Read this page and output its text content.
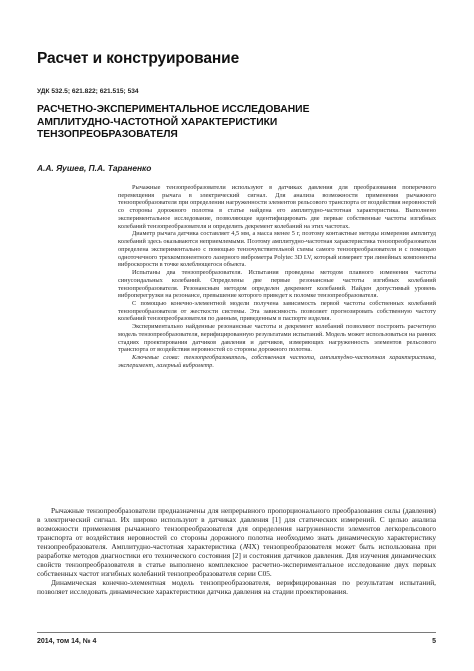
Расчет и конструирование
УДК 532.5; 621.822; 621.515; 534
РАСЧЕТНО-ЭКСПЕРИМЕНТАЛЬНОЕ ИССЛЕДОВАНИЕ
АМПЛИТУДНО-ЧАСТОТНОЙ ХАРАКТЕРИСТИКИ
ТЕНЗОПРЕОБРАЗОВАТЕЛЯ
А.А. Яушев, П.А. Тараненко

Рычажные тензопреобразователи используют в датчиках давления для преобразования поперечного перемещения рычага в электрический сигнал. Для анализа возможности применения рычажного тензопреобразователя при определении нагруженности элементов рельсового транспорта от воздействия неровностей со стороны дорожного полотна в статье найдена его амплитудно-частотная характеристика. Выполнено экспериментальное исследование, позволяющее идентифицировать две первые собственные частоты изгибных колебаний тензопреобразователя и определить декремент колебаний на этих частотах.

Диаметр рычага датчика составляет 4,5 мм, а масса менее 5 г, поэтому контактные методы измерения амплитуд колебаний здесь оказываются неприемлемыми. Поэтому амплитудно-частотная характеристика тензопреобразователя определена экспериментально с помощью тензочувствительной схемы самого тензопреобразователя и с помощью одноточечного трехкомпонентного лазерного виброметра Polytec 3D LV, который измеряет три линейных компоненты виброскорости в точке колеблющегося объекта.

Испытаны два тензопреобразователя. Испытания проведены методом плавного изменения частоты синусоидальных колебаний. Определены две первые резонансные частоты изгибных колебаний тензопреобразователя. Резонансным методом определен декремент колебаний. Найден допустимый уровень виброперегрузки на резонансе, превышение которого приведет к поломке тензопреобразователя.

С помощью конечно-элементной модели получена зависимость первой частоты собственных колебаний тензопреобразователя от жесткости системы. Эта зависимость позволяет прогнозировать собственную частоту колебаний тензопреобразователя по данным, приведенным в паспорте изделия.

Экспериментально найденные резонансные частоты и декремент колебаний позволяют построить расчетную модель тензопреобразователя, верифицированную результатами испытаний. Модель может использоваться на ранних стадиях проектирования датчиков давления и датчиков, измеряющих нагруженность элементов рельсового транспорта от воздействия неровностей со стороны дорожного полотна.

Ключевые слова: тензопреобразователь, собственная частота, амплитудно-частотная характеристика, эксперимент, лазерный виброметр.

Рычажные тензопреобразователи предназначены для непрерывного пропорционального преобразования силы (давления) в электрический сигнал. Их широко используют в датчиках давления [1] для статических измерений. С целью анализа возможности применения рычажного тензопреобразователя для определения нагруженности элементов легкорельсового транспорта от воздействия неровностей со стороны дорожного полотна необходимо знать динамическую характеристику тензопреобразователя. Амплитудно-частотная характеристика (АЧХ) тензопреобразователя может быть использована при разработке методов диагностики его технического состояния [2] и состояния датчиков давления. Для изучения динамических свойств тензопреобразователя в статье выполнено комплексное расчетно-экспериментальное исследование двух первых собственных частот изгибных колебаний тензопреобразователя серии C05.

Динамическая конечно-элементная модель тензопреобразователя, верифицированная по результатам испытаний, позволяет исследовать динамические характеристики датчика давления на стадии проектирования.

2014, том 14, № 4	5
